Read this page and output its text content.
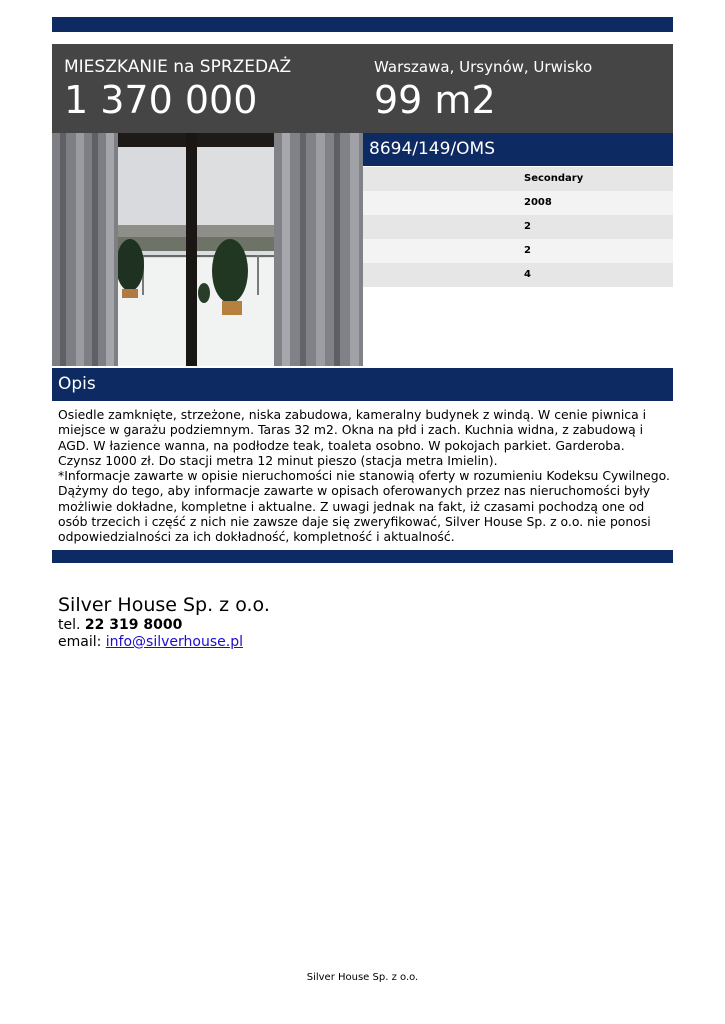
MIESZKANIE na SPRZEDAŻ
1 370 000
Warszawa, Ursynów, Urwisko
99 m2
8694/149/OMS
Secondary
2008
2
2
4
Opis

Osiedle zamknięte, strzeżone, niska zabudowa, kameralny budynek z windą. W cenie piwnica i miejsce w garażu podziemnym. Taras 32 m2. Okna na płd i zach. Kuchnia widna, z zabudową i AGD. W łazience wanna, na podłodze teak, toaleta osobno. W pokojach parkiet. Garderoba. Czynsz 1000 zł. Do stacji metra 12 minut pieszo (stacja metra Imielin).

*Informacje zawarte w opisie nieruchomości nie stanowią oferty w rozumieniu Kodeksu Cywilnego. Dążymy do tego, aby informacje zawarte w opisach oferowanych przez nas nieruchomości były możliwie dokładne, kompletne i aktualne. Z uwagi jednak na fakt, iż czasami pochodzą one od osób trzecich i część z nich nie zawsze daje się zweryfikować, Silver House Sp. z o.o. nie ponosi odpowiedzialności za ich dokładność, kompletność i aktualność.

Silver House Sp. z o.o.
tel. 22 319 8000
email: info@silverhouse.pl
Silver House Sp. z o.o.
